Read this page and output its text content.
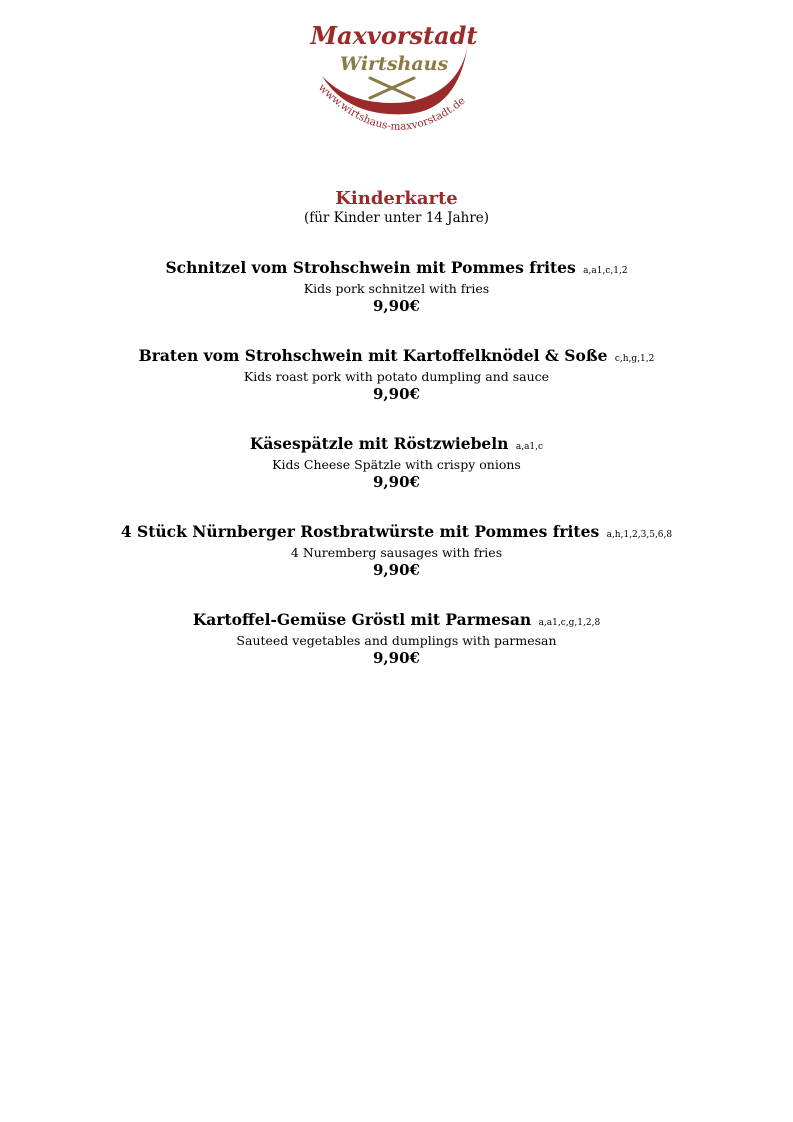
Maxvorstadt
Wirtshaus
www.wirtshaus-maxvorstadt.de
Kinderkarte
(für Kinder unter 14 Jahre)
Schnitzel vom Strohschwein mit Pommes frites a,a1,c,1,2
Kids pork schnitzel with fries
9,90€
Braten vom Strohschwein mit Kartoffelknödel & Soße c,h,g,1,2
Kids roast pork with potato dumpling and sauce
9,90€
Käsespätzle mit Röstzwiebeln a,a1,c
Kids Cheese Spätzle with crispy onions
9,90€
4 Stück Nürnberger Rostbratwürste mit Pommes frites a,h,1,2,3,5,6,8
4 Nuremberg sausages with fries
9,90€
Kartoffel-Gemüse Gröstl mit Parmesan a,a1,c,g,1,2,8
Sauteed vegetables and dumplings with parmesan
9,90€
